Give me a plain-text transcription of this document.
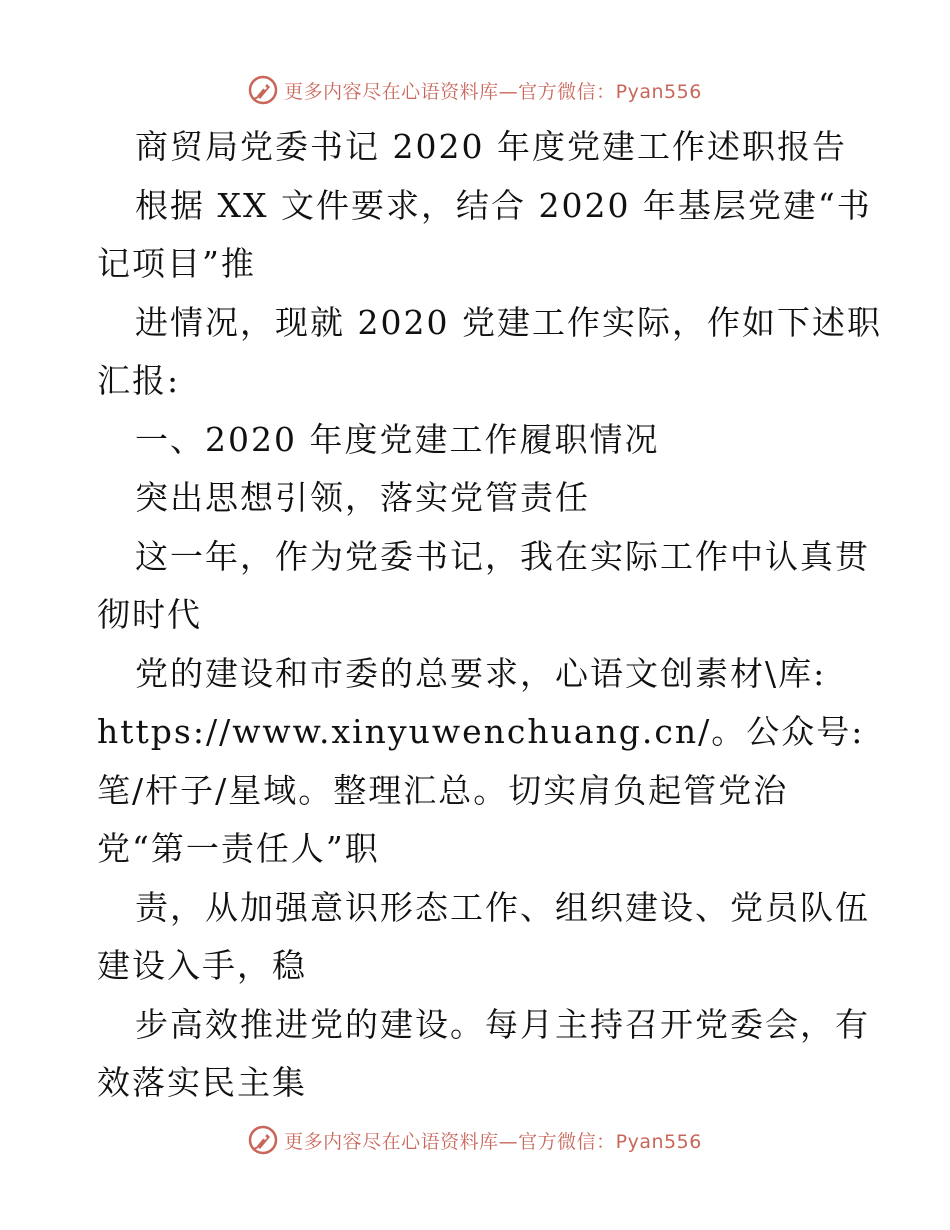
更多内容尽在心语资料库—官方微信：Pyan556
商贸局党委书记 2020 年度党建工作述职报告
根据 XX 文件要求，结合 2020 年基层党建“书
记项目”推
进情况，现就 2020 党建工作实际，作如下述职
汇报:
一、2020 年度党建工作履职情况
突出思想引领，落实党管责任
这一年，作为党委书记，我在实际工作中认真贯
彻时代
党的建设和市委的总要求，心语文创素材\库:
https://www.xinyuwenchuang.cn/。公众号:
笔/杆子/星域。整理汇总。切实肩负起管党治
党“第一责任人”职
责，从加强意识形态工作、组织建设、党员队伍
建设入手，稳
步高效推进党的建设。每月主持召开党委会，有
效落实民主集
更多内容尽在心语资料库—官方微信：Pyan556
